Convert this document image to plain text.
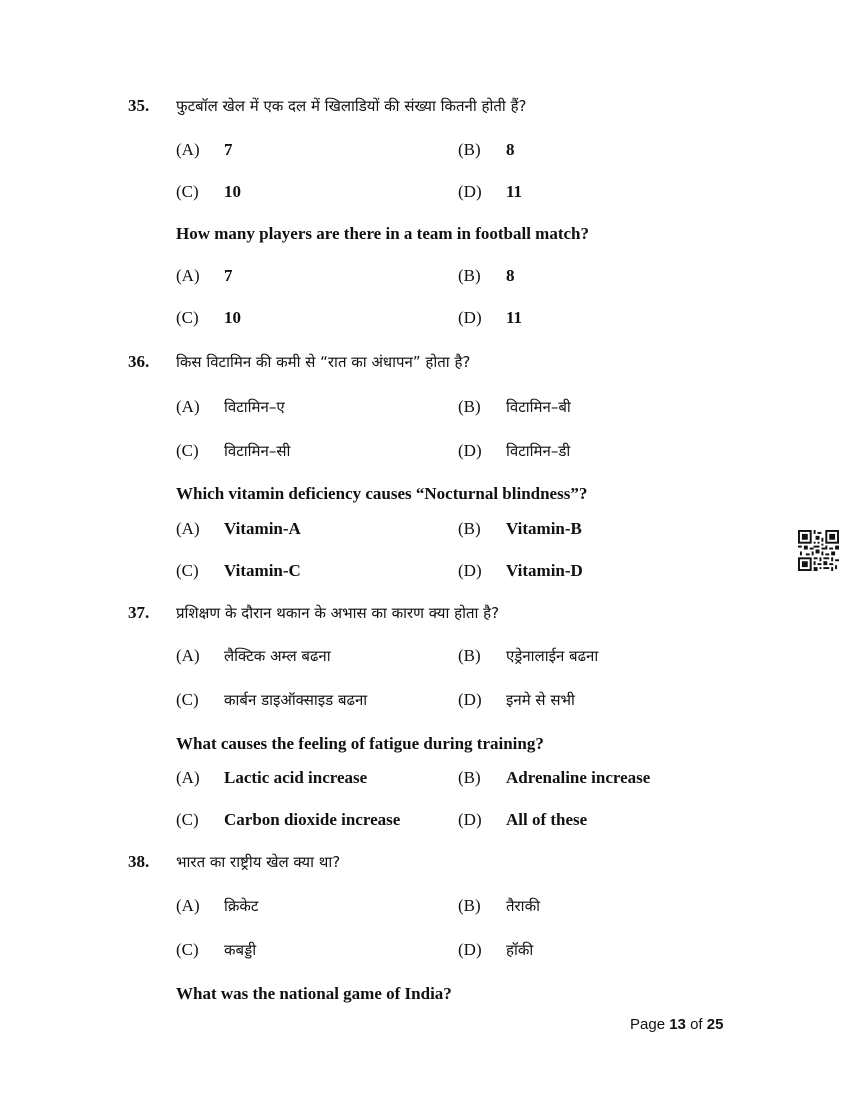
35. फुटबॉल खेल में एक दल में खिलाडियों की संख्या कितनी होती हैं?
(A) 7	(B) 8
(C) 10	(D) 11
How many players are there in a team in football match?
(A) 7	(B) 8
(C) 10	(D) 11
36. किस विटामिन की कमी से “रात का अंधापन” होता है?
(A) विटामिन–ए	(B) विटामिन–बी
(C) विटामिन–सी	(D) विटामिन–डी
Which vitamin deficiency causes “Nocturnal blindness”?
(A) Vitamin-A	(B) Vitamin-B
(C) Vitamin-C	(D) Vitamin-D
37. प्रशिक्षण के दौरान थकान के अभास का कारण क्या होता है?
(A) लैक्टिक अम्ल बढना	(B) एड्रेनालाईन बढना
(C) कार्बन डाइऑक्साइड बढना	(D) इनमे से सभी
What causes the feeling of fatigue during training?
(A) Lactic acid increase	(B) Adrenaline increase
(C) Carbon dioxide increase	(D) All of these
38. भारत का राष्ट्रीय खेल क्या था?
(A) क्रिकेट	(B) तैराकी
(C) कबड्डी	(D) हॉकी
What was the national game of India?
Page 13 of 25
